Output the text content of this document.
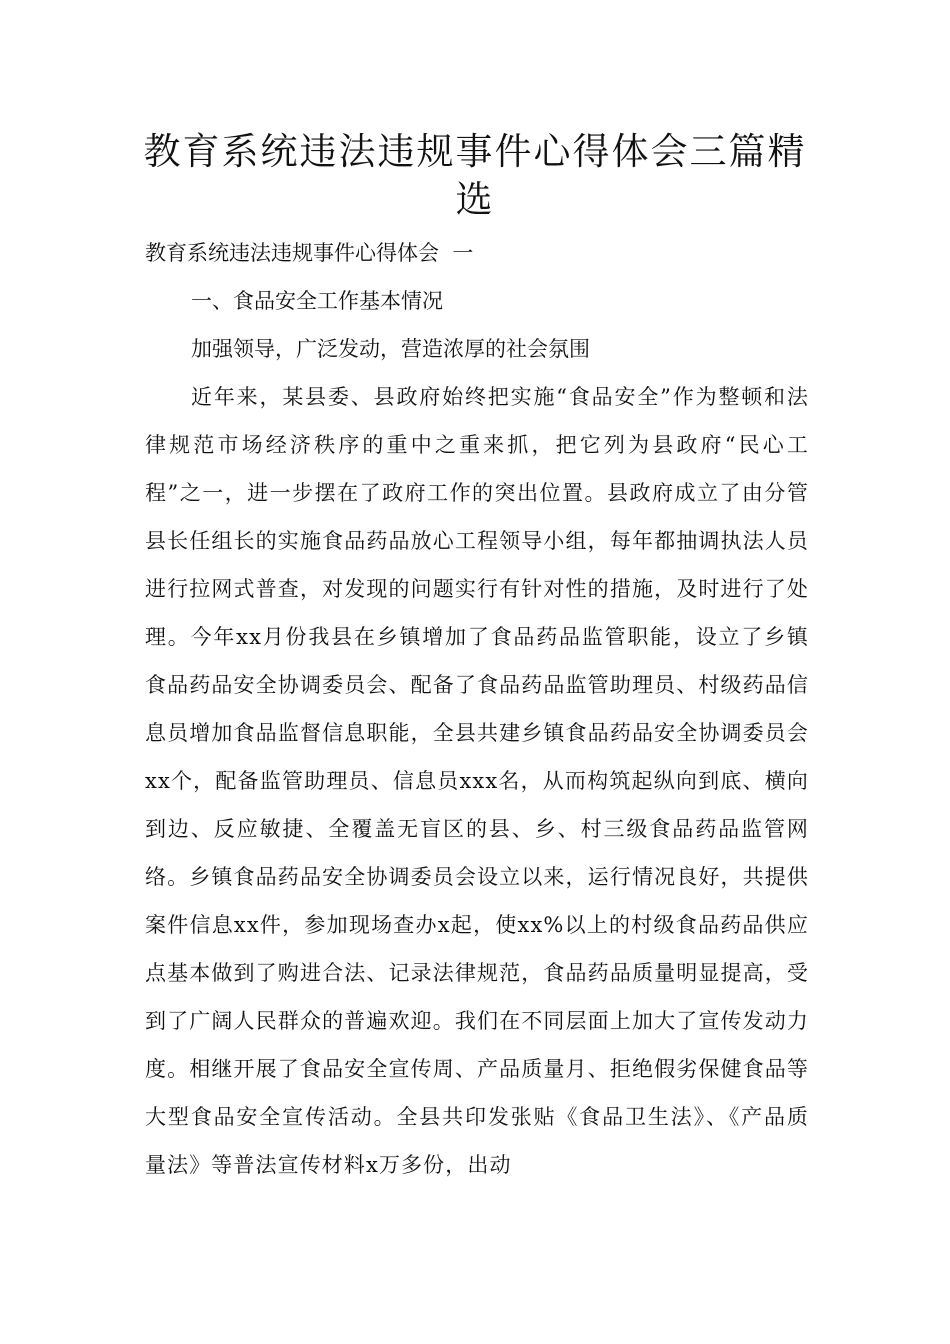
教育系统违法违规事件心得体会三篇精选

教育系统违法违规事件心得体会  一

一、食品安全工作基本情况

加强领导，广泛发动，营造浓厚的社会氛围

近年来，某县委、县政府始终把实施“食品安全”作为整顿和法律规范市场经济秩序的重中之重来抓，把它列为县政府“民心工程”之一，进一步摆在了政府工作的突出位置。县政府成立了由分管县长任组长的实施食品药品放心工程领导小组，每年都抽调执法人员进行拉网式普查，对发现的问题实行有针对性的措施，及时进行了处理。今年xx月份我县在乡镇增加了食品药品监管职能，设立了乡镇食品药品安全协调委员会、配备了食品药品监管助理员、村级药品信息员增加食品监督信息职能，全县共建乡镇食品药品安全协调委员会xx个，配备监管助理员、信息员xxx名，从而构筑起纵向到底、横向到边、反应敏捷、全覆盖无盲区的县、乡、村三级食品药品监管网络。乡镇食品药品安全协调委员会设立以来，运行情况良好，共提供案件信息xx件，参加现场查办x起，使xx%以上的村级食品药品供应点基本做到了购进合法、记录法律规范，食品药品质量明显提高，受到了广阔人民群众的普遍欢迎。我们在不同层面上加大了宣传发动力度。相继开展了食品安全宣传周、产品质量月、拒绝假劣保健食品等大型食品安全宣传活动。全县共印发张贴《食品卫生法》、《产品质量法》等普法宣传材料x万多份，出动
